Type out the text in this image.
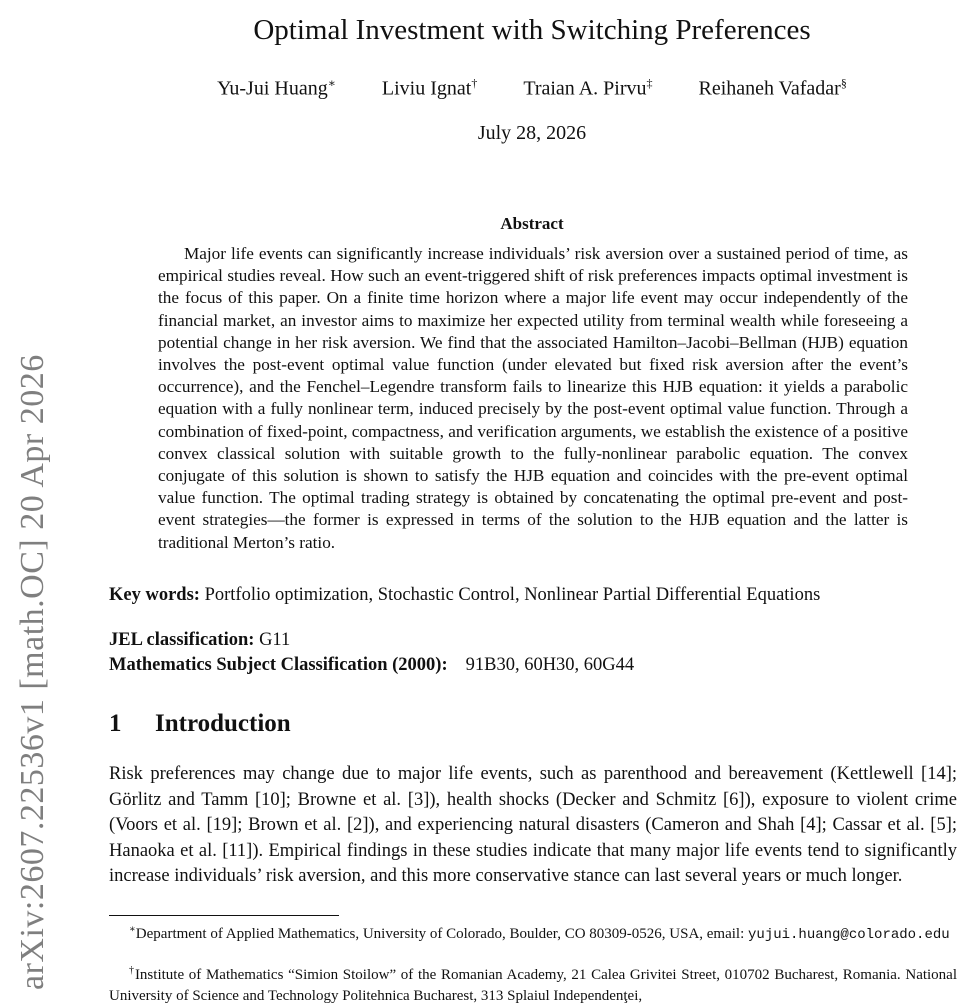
arXiv:2607.22536v1 [math.OC] 20 Apr 2026
Optimal Investment with Switching Preferences
Yu-Jui Huang∗ Liviu Ignat† Traian A. Pirvu‡ Reihaneh Vafadar§
July 28, 2026
Abstract

Major life events can significantly increase individuals’ risk aversion over a sustained period of time, as empirical studies reveal. How such an event-triggered shift of risk preferences impacts optimal investment is the focus of this paper. On a finite time horizon where a major life event may occur independently of the financial market, an investor aims to maximize her expected utility from terminal wealth while foreseeing a potential change in her risk aversion. We find that the associated Hamilton–Jacobi–Bellman (HJB) equation involves the post-event optimal value function (under elevated but fixed risk aversion after the event’s occurrence), and the Fenchel–Legendre transform fails to linearize this HJB equation: it yields a parabolic equation with a fully nonlinear term, induced precisely by the post-event optimal value function. Through a combination of fixed-point, compactness, and verification arguments, we establish the existence of a positive convex classical solution with suitable growth to the fully-nonlinear parabolic equation. The convex conjugate of this solution is shown to satisfy the HJB equation and coincides with the pre-event optimal value function. The optimal trading strategy is obtained by concatenating the optimal pre-event and post-event strategies—the former is expressed in terms of the solution to the HJB equation and the latter is traditional Merton’s ratio.

Key words: Portfolio optimization, Stochastic Control, Nonlinear Partial Differential Equations
JEL classification: G11
Mathematics Subject Classification (2000): 91B30, 60H30, 60G44
1 Introduction

Risk preferences may change due to major life events, such as parenthood and bereavement (Kettlewell [14]; Görlitz and Tamm [10]; Browne et al. [3]), health shocks (Decker and Schmitz [6]), exposure to violent crime (Voors et al. [19]; Brown et al. [2]), and experiencing natural disasters (Cameron and Shah [4]; Cassar et al. [5]; Hanaoka et al. [11]). Empirical findings in these studies indicate that many major life events tend to significantly increase individuals’ risk aversion, and this more conservative stance can last several years or much longer.

∗Department of Applied Mathematics, University of Colorado, Boulder, CO 80309-0526, USA, email: yujui.huang@colorado.edu

†Institute of Mathematics “Simion Stoilow” of the Romanian Academy, 21 Calea Grivitei Street, 010702 Bucharest, Romania. National University of Science and Technology Politehnica Bucharest, 313 Splaiul Independenţei,
